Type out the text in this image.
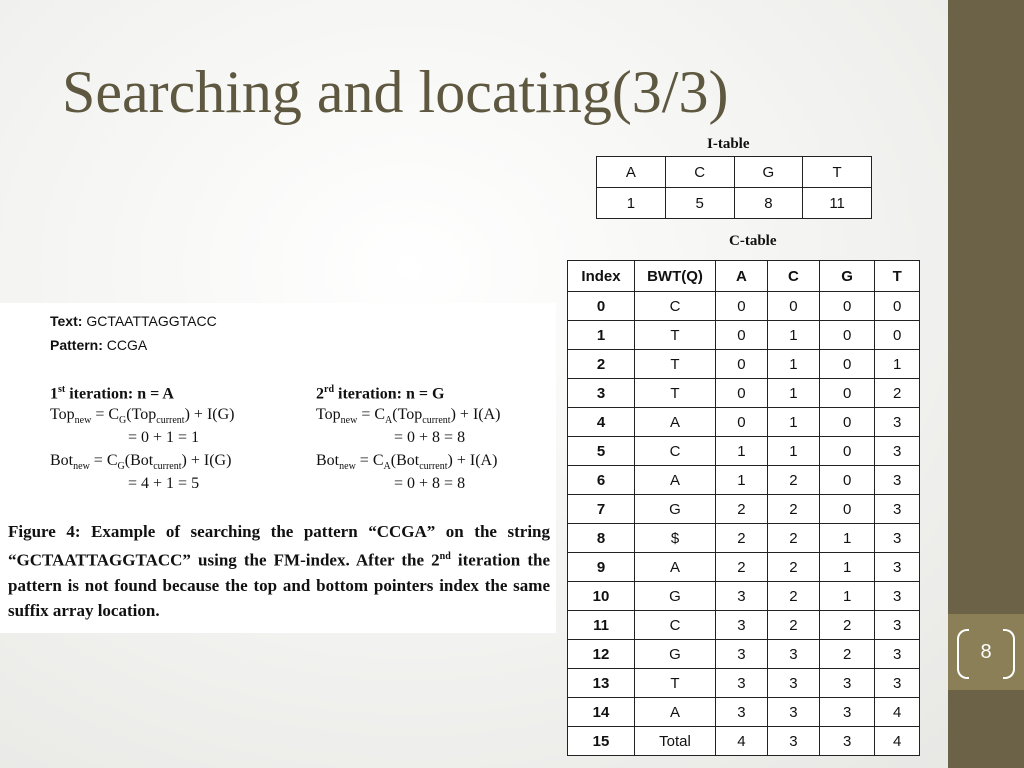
8
Searching and locating(3/3)
I-table
A	C	G	T
1	5	8	11
C-table
Index	BWT(Q)	A	C	G	T
0	C	0	0	0	0
1	T	0	1	0	0
2	T	0	1	0	1
3	T	0	1	0	2
4	A	0	1	0	3
5	C	1	1	0	3
6	A	1	2	0	3
7	G	2	2	0	3
8	$	2	2	1	3
9	A	2	2	1	3
10	G	3	2	1	3
11	C	3	2	2	3
12	G	3	3	2	3
13	T	3	3	3	3
14	A	3	3	3	4
15	Total	4	3	3	4
Text: GCTAATTAGGTACC
Pattern: CCGA
1st iteration: n = A
$Top_{new} = C_G(Top_{current}) + I(G)$
= 0 + 1 = 1
$Bot_{new} = C_G(Bot_{current}) + I(G)$
= 4 + 1 = 5
2rd iteration: n = G
$Top_{new} = C_A(Top_{current}) + I(A)$
= 0 + 8 = 8
$Bot_{new} = C_A(Bot_{current}) + I(A)$
= 0 + 8 = 8
Figure 4: Example of searching the pattern “CCGA” on the string “GCTAATTAGGTACC” using the FM-index. After the 2nd iteration the pattern is not found because the top and bottom pointers index the same suffix array location.
